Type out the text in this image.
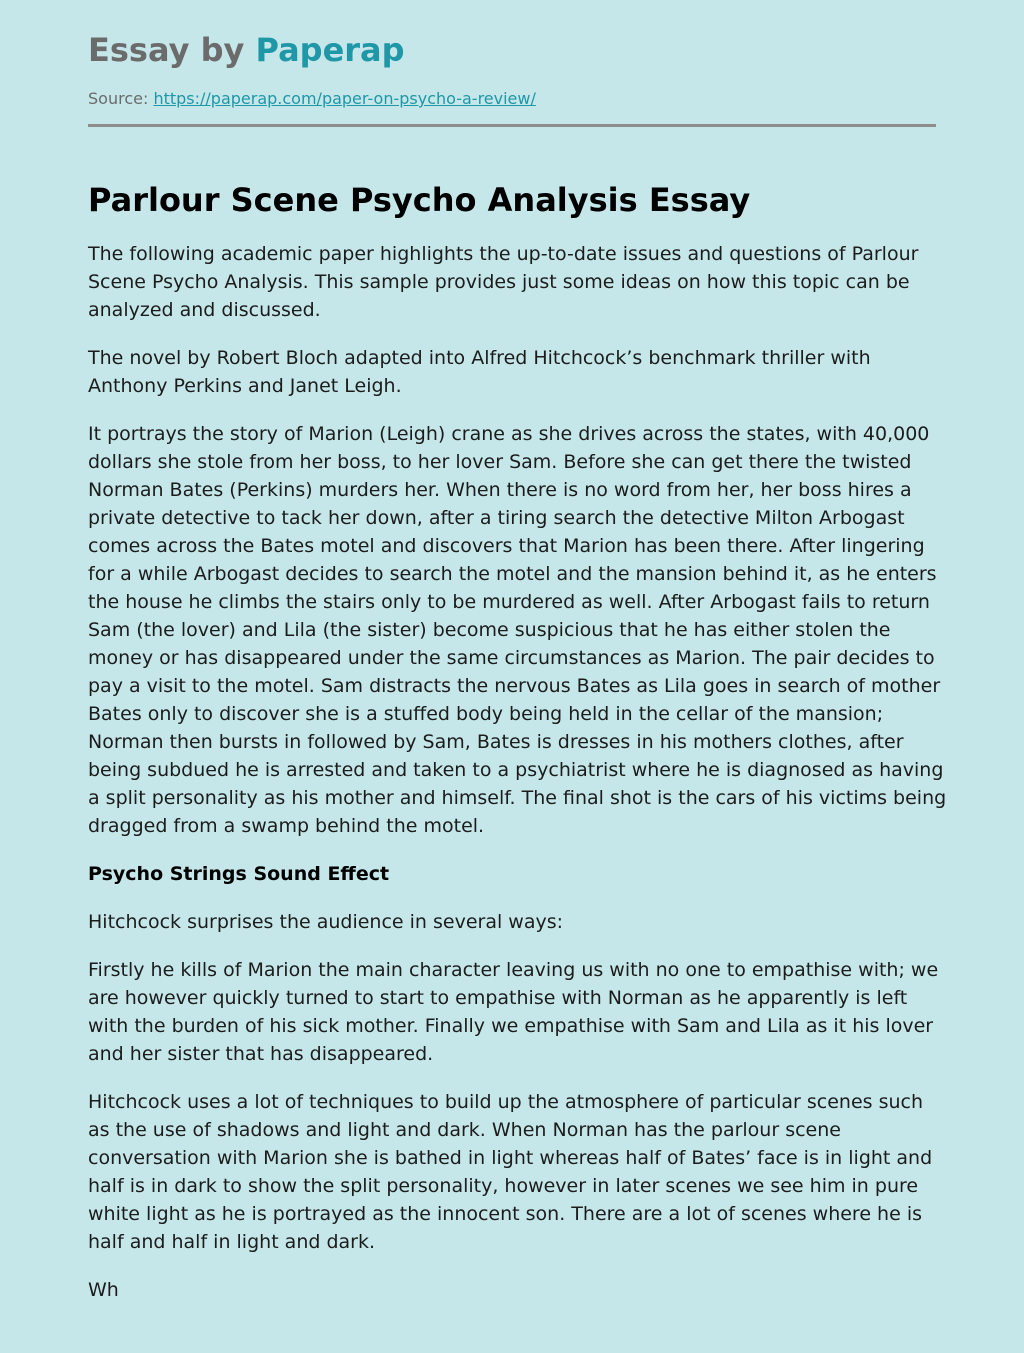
Essay by Paperap
Source: https://paperap.com/paper-on-psycho-a-review/
Parlour Scene Psycho Analysis Essay

The following academic paper highlights the up-to-date issues and questions of Parlour Scene Psycho Analysis. This sample provides just some ideas on how this topic can be analyzed and discussed.

The novel by Robert Bloch adapted into Alfred Hitchcock’s benchmark thriller with Anthony Perkins and Janet Leigh.

It portrays the story of Marion (Leigh) crane as she drives across the states, with 40,000 dollars she stole from her boss, to her lover Sam. Before she can get there the twisted Norman Bates (Perkins) murders her. When there is no word from her, her boss hires a private detective to tack her down, after a tiring search the detective Milton Arbogast comes across the Bates motel and discovers that Marion has been there. After lingering for a while Arbogast decides to search the motel and the mansion behind it, as he enters the house he climbs the stairs only to be murdered as well. After Arbogast fails to return Sam (the lover) and Lila (the sister) become suspicious that he has either stolen the money or has disappeared under the same circumstances as Marion. The pair decides to pay a visit to the motel. Sam distracts the nervous Bates as Lila goes in search of mother Bates only to discover she is a stuffed body being held in the cellar of the mansion; Norman then bursts in followed by Sam, Bates is dresses in his mothers clothes, after being subdued he is arrested and taken to a psychiatrist where he is diagnosed as having a split personality as his mother and himself. The final shot is the cars of his victims being dragged from a swamp behind the motel.

Psycho Strings Sound Effect

Hitchcock surprises the audience in several ways:

Firstly he kills of Marion the main character leaving us with no one to empathise with; we are however quickly turned to start to empathise with Norman as he apparently is left with the burden of his sick mother. Finally we empathise with Sam and Lila as it his lover and her sister that has disappeared.

Hitchcock uses a lot of techniques to build up the atmosphere of particular scenes such as the use of shadows and light and dark. When Norman has the parlour scene conversation with Marion she is bathed in light whereas half of Bates’ face is in light and half is in dark to show the split personality, however in later scenes we see him in pure white light as he is portrayed as the innocent son. There are a lot of scenes where he is half and half in light and dark.

Wh
